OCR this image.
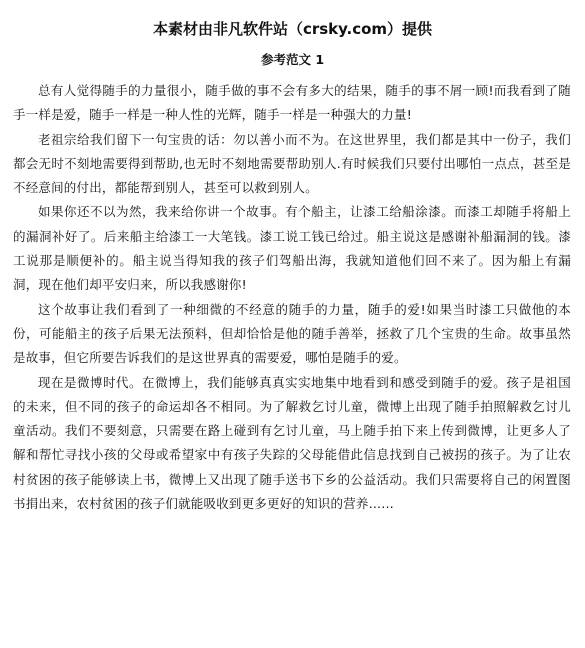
本素材由非凡软件站（crsky.com）提供
参考范文 1

总有人觉得随手的力量很小，随手做的事不会有多大的结果，随手的事不屑一顾!而我看到了随手一样是爱，随手一样是一种人性的光辉，随手一样是一种强大的力量!

老祖宗给我们留下一句宝贵的话：勿以善小而不为。在这世界里，我们都是其中一份子，我们都会无时不刻地需要得到帮助,也无时不刻地需要帮助别人.有时候我们只要付出哪怕一点点，甚至是不经意间的付出，都能帮到别人，甚至可以救到别人。

如果你还不以为然，我来给你讲一个故事。有个船主，让漆工给船涂漆。而漆工却随手将船上的漏洞补好了。后来船主给漆工一大笔钱。漆工说工钱已给过。船主说这是感谢补船漏洞的钱。漆工说那是顺便补的。船主说当得知我的孩子们驾船出海，我就知道他们回不来了。因为船上有漏洞，现在他们却平安归来，所以我感谢你!

这个故事让我们看到了一种细微的不经意的随手的力量，随手的爱!如果当时漆工只做他的本份，可能船主的孩子后果无法预料，但却恰恰是他的随手善举，拯救了几个宝贵的生命。故事虽然是故事，但它所要告诉我们的是这世界真的需要爱，哪怕是随手的爱。

现在是微博时代。在微博上，我们能够真真实实地集中地看到和感受到随手的爱。孩子是祖国的未来，但不同的孩子的命运却各不相同。为了解救乞讨儿童，微博上出现了随手拍照解救乞讨儿童活动。我们不要刻意，只需要在路上碰到有乞讨儿童，马上随手拍下来上传到微博，让更多人了解和帮忙寻找小孩的父母或希望家中有孩子失踪的父母能借此信息找到自己被拐的孩子。为了让农村贫困的孩子能够读上书，微博上又出现了随手送书下乡的公益活动。我们只需要将自己的闲置图书捐出来，农村贫困的孩子们就能吸收到更多更好的知识的营养……
